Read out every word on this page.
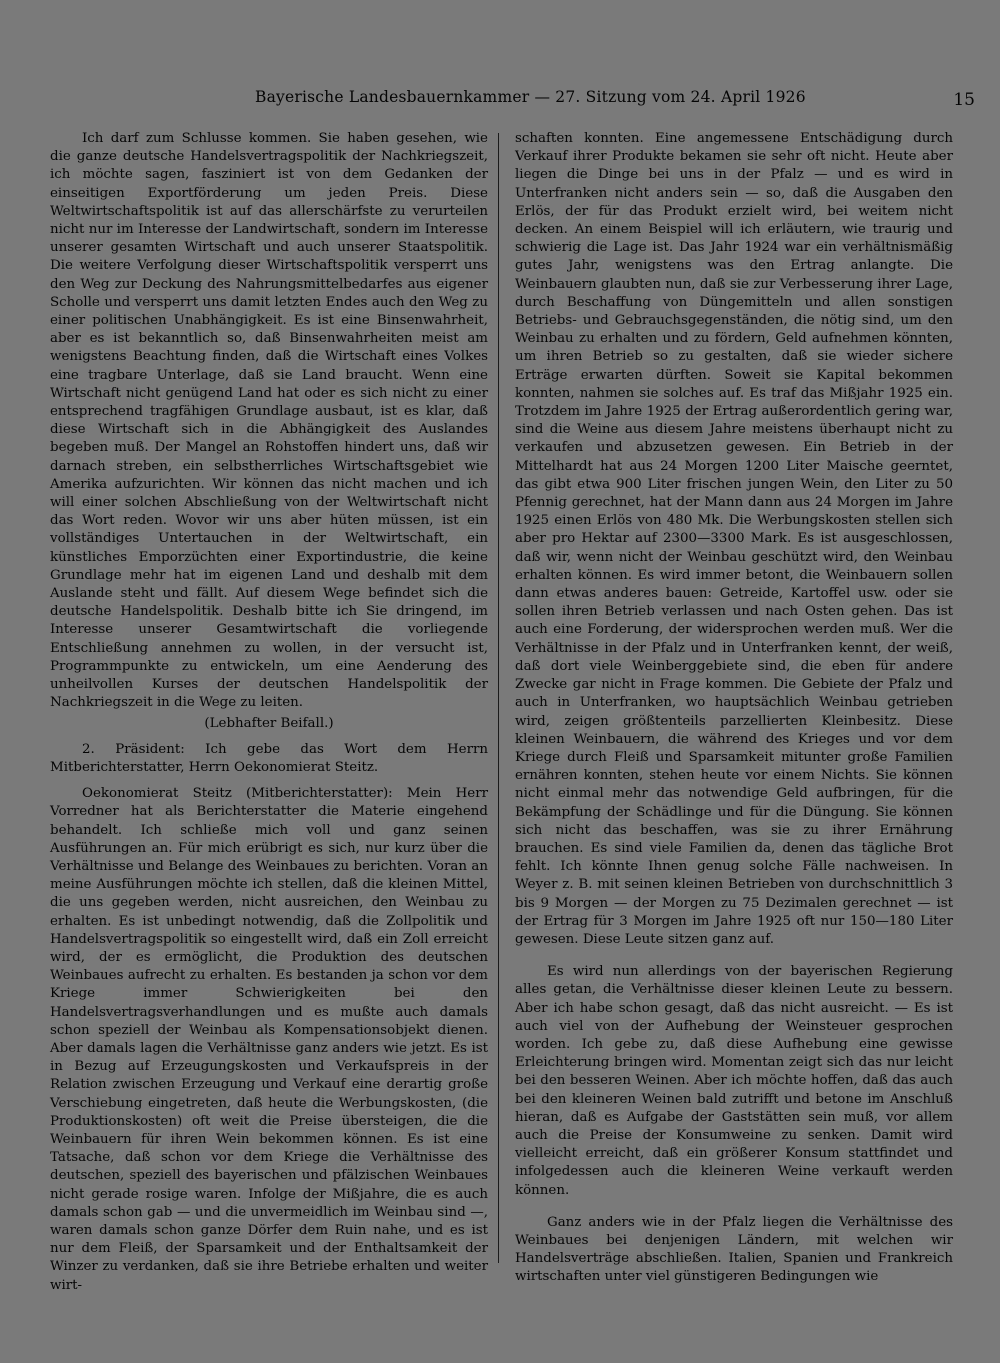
Bayerische Landesbauernkammer — 27. Sitzung vom 24. April 1926	15

Ich darf zum Schlusse kommen. Sie haben gesehen, wie die ganze deutsche Handelsvertragspolitik der Nachkriegszeit, ich möchte sagen, fasziniert ist von dem Gedanken der einseitigen Exportförderung um jeden Preis. Diese Weltwirtschaftspolitik ist auf das allerschärfste zu verurteilen nicht nur im Interesse der Landwirtschaft, sondern im Interesse unserer gesamten Wirtschaft und auch unserer Staatspolitik. Die weitere Verfolgung dieser Wirtschaftspolitik versperrt uns den Weg zur Deckung des Nahrungsmittelbedarfes aus eigener Scholle und versperrt uns damit letzten Endes auch den Weg zu einer politischen Unabhängigkeit. Es ist eine Binsenwahrheit, aber es ist bekanntlich so, daß Binsenwahrheiten meist am wenigstens Beachtung finden, daß die Wirtschaft eines Volkes eine tragbare Unterlage, daß sie Land braucht. Wenn eine Wirtschaft nicht genügend Land hat oder es sich nicht zu einer entsprechend tragfähigen Grundlage ausbaut, ist es klar, daß diese Wirtschaft sich in die Abhängigkeit des Auslandes begeben muß. Der Mangel an Rohstoffen hindert uns, daß wir darnach streben, ein selbstherrliches Wirtschaftsgebiet wie Amerika aufzurichten. Wir können das nicht machen und ich will einer solchen Abschließung von der Weltwirtschaft nicht das Wort reden. Wovor wir uns aber hüten müssen, ist ein vollständiges Untertauchen in der Weltwirtschaft, ein künstliches Emporzüchten einer Exportindustrie, die keine Grundlage mehr hat im eigenen Land und deshalb mit dem Auslande steht und fällt. Auf diesem Wege befindet sich die deutsche Handelspolitik. Deshalb bitte ich Sie dringend, im Interesse unserer Gesamtwirtschaft die vorliegende Entschließung annehmen zu wollen, in der versucht ist, Programmpunkte zu entwickeln, um eine Aenderung des unheilvollen Kurses der deutschen Handelspolitik der Nachkriegszeit in die Wege zu leiten.

(Lebhafter Beifall.)

2. Präsident: Ich gebe das Wort dem Herrn Mitberichterstatter, Herrn Oekonomierat Steitz.

Oekonomierat Steitz (Mitberichterstatter): Mein Herr Vorredner hat als Berichterstatter die Materie eingehend behandelt. Ich schließe mich voll und ganz seinen Ausführungen an. Für mich erübrigt es sich, nur kurz über die Verhältnisse und Belange des Weinbaues zu berichten. Voran an meine Ausführungen möchte ich stellen, daß die kleinen Mittel, die uns gegeben werden, nicht ausreichen, den Weinbau zu erhalten. Es ist unbedingt notwendig, daß die Zollpolitik und Handelsvertragspolitik so eingestellt wird, daß ein Zoll erreicht wird, der es ermöglicht, die Produktion des deutschen Weinbaues aufrecht zu erhalten. Es bestanden ja schon vor dem Kriege immer Schwierigkeiten bei den Handelsvertragsverhandlungen und es mußte auch damals schon speziell der Weinbau als Kompensationsobjekt dienen. Aber damals lagen die Verhältnisse ganz anders wie jetzt. Es ist in Bezug auf Erzeugungskosten und Verkaufspreis in der Relation zwischen Erzeugung und Verkauf eine derartig große Verschiebung eingetreten, daß heute die Werbungskosten, (die Produktionskosten) oft weit die Preise übersteigen, die die Weinbauern für ihren Wein bekommen können. Es ist eine Tatsache, daß schon vor dem Kriege die Verhältnisse des deutschen, speziell des bayerischen und pfälzischen Weinbaues nicht gerade rosige waren. Infolge der Mißjahre, die es auch damals schon gab — und die unvermeidlich im Weinbau sind —, waren damals schon ganze Dörfer dem Ruin nahe, und es ist nur dem Fleiß, der Sparsamkeit und der Enthaltsamkeit der Winzer zu verdanken, daß sie ihre Betriebe erhalten und weiter wirt-

schaften konnten. Eine angemessene Entschädigung durch Verkauf ihrer Produkte bekamen sie sehr oft nicht. Heute aber liegen die Dinge bei uns in der Pfalz — und es wird in Unterfranken nicht anders sein — so, daß die Ausgaben den Erlös, der für das Produkt erzielt wird, bei weitem nicht decken. An einem Beispiel will ich erläutern, wie traurig und schwierig die Lage ist. Das Jahr 1924 war ein verhältnismäßig gutes Jahr, wenigstens was den Ertrag anlangte. Die Weinbauern glaubten nun, daß sie zur Verbesserung ihrer Lage, durch Beschaffung von Düngemitteln und allen sonstigen Betriebs- und Gebrauchsgegenständen, die nötig sind, um den Weinbau zu erhalten und zu fördern, Geld aufnehmen könnten, um ihren Betrieb so zu gestalten, daß sie wieder sichere Erträge erwarten dürften. Soweit sie Kapital bekommen konnten, nahmen sie solches auf. Es traf das Mißjahr 1925 ein. Trotzdem im Jahre 1925 der Ertrag außerordentlich gering war, sind die Weine aus diesem Jahre meistens überhaupt nicht zu verkaufen und abzusetzen gewesen. Ein Betrieb in der Mittelhardt hat aus 24 Morgen 1200 Liter Maische geerntet, das gibt etwa 900 Liter frischen jungen Wein, den Liter zu 50 Pfennig gerechnet, hat der Mann dann aus 24 Morgen im Jahre 1925 einen Erlös von 480 Mk. Die Werbungskosten stellen sich aber pro Hektar auf 2300—3300 Mark. Es ist ausgeschlossen, daß wir, wenn nicht der Weinbau geschützt wird, den Weinbau erhalten können. Es wird immer betont, die Weinbauern sollen dann etwas anderes bauen: Getreide, Kartoffel usw. oder sie sollen ihren Betrieb verlassen und nach Osten gehen. Das ist auch eine Forderung, der widersprochen werden muß. Wer die Verhältnisse in der Pfalz und in Unterfranken kennt, der weiß, daß dort viele Weinberggebiete sind, die eben für andere Zwecke gar nicht in Frage kommen. Die Gebiete der Pfalz und auch in Unterfranken, wo hauptsächlich Weinbau getrieben wird, zeigen größtenteils parzellierten Kleinbesitz. Diese kleinen Weinbauern, die während des Krieges und vor dem Kriege durch Fleiß und Sparsamkeit mitunter große Familien ernähren konnten, stehen heute vor einem Nichts. Sie können nicht einmal mehr das notwendige Geld aufbringen, für die Bekämpfung der Schädlinge und für die Düngung. Sie können sich nicht das beschaffen, was sie zu ihrer Ernährung brauchen. Es sind viele Familien da, denen das tägliche Brot fehlt. Ich könnte Ihnen genug solche Fälle nachweisen. In Weyer z. B. mit seinen kleinen Betrieben von durchschnittlich 3 bis 9 Morgen — der Morgen zu 75 Dezimalen gerechnet — ist der Ertrag für 3 Morgen im Jahre 1925 oft nur 150—180 Liter gewesen. Diese Leute sitzen ganz auf.

Es wird nun allerdings von der bayerischen Regierung alles getan, die Verhältnisse dieser kleinen Leute zu bessern. Aber ich habe schon gesagt, daß das nicht ausreicht. — Es ist auch viel von der Aufhebung der Weinsteuer gesprochen worden. Ich gebe zu, daß diese Aufhebung eine gewisse Erleichterung bringen wird. Momentan zeigt sich das nur leicht bei den besseren Weinen. Aber ich möchte hoffen, daß das auch bei den kleineren Weinen bald zutrifft und betone im Anschluß hieran, daß es Aufgabe der Gaststätten sein muß, vor allem auch die Preise der Konsumweine zu senken. Damit wird vielleicht erreicht, daß ein größerer Konsum stattfindet und infolgedessen auch die kleineren Weine verkauft werden können.

Ganz anders wie in der Pfalz liegen die Verhältnisse des Weinbaues bei denjenigen Ländern, mit welchen wir Handelsverträge abschließen. Italien, Spanien und Frankreich wirtschaften unter viel günstigeren Bedingungen wie
